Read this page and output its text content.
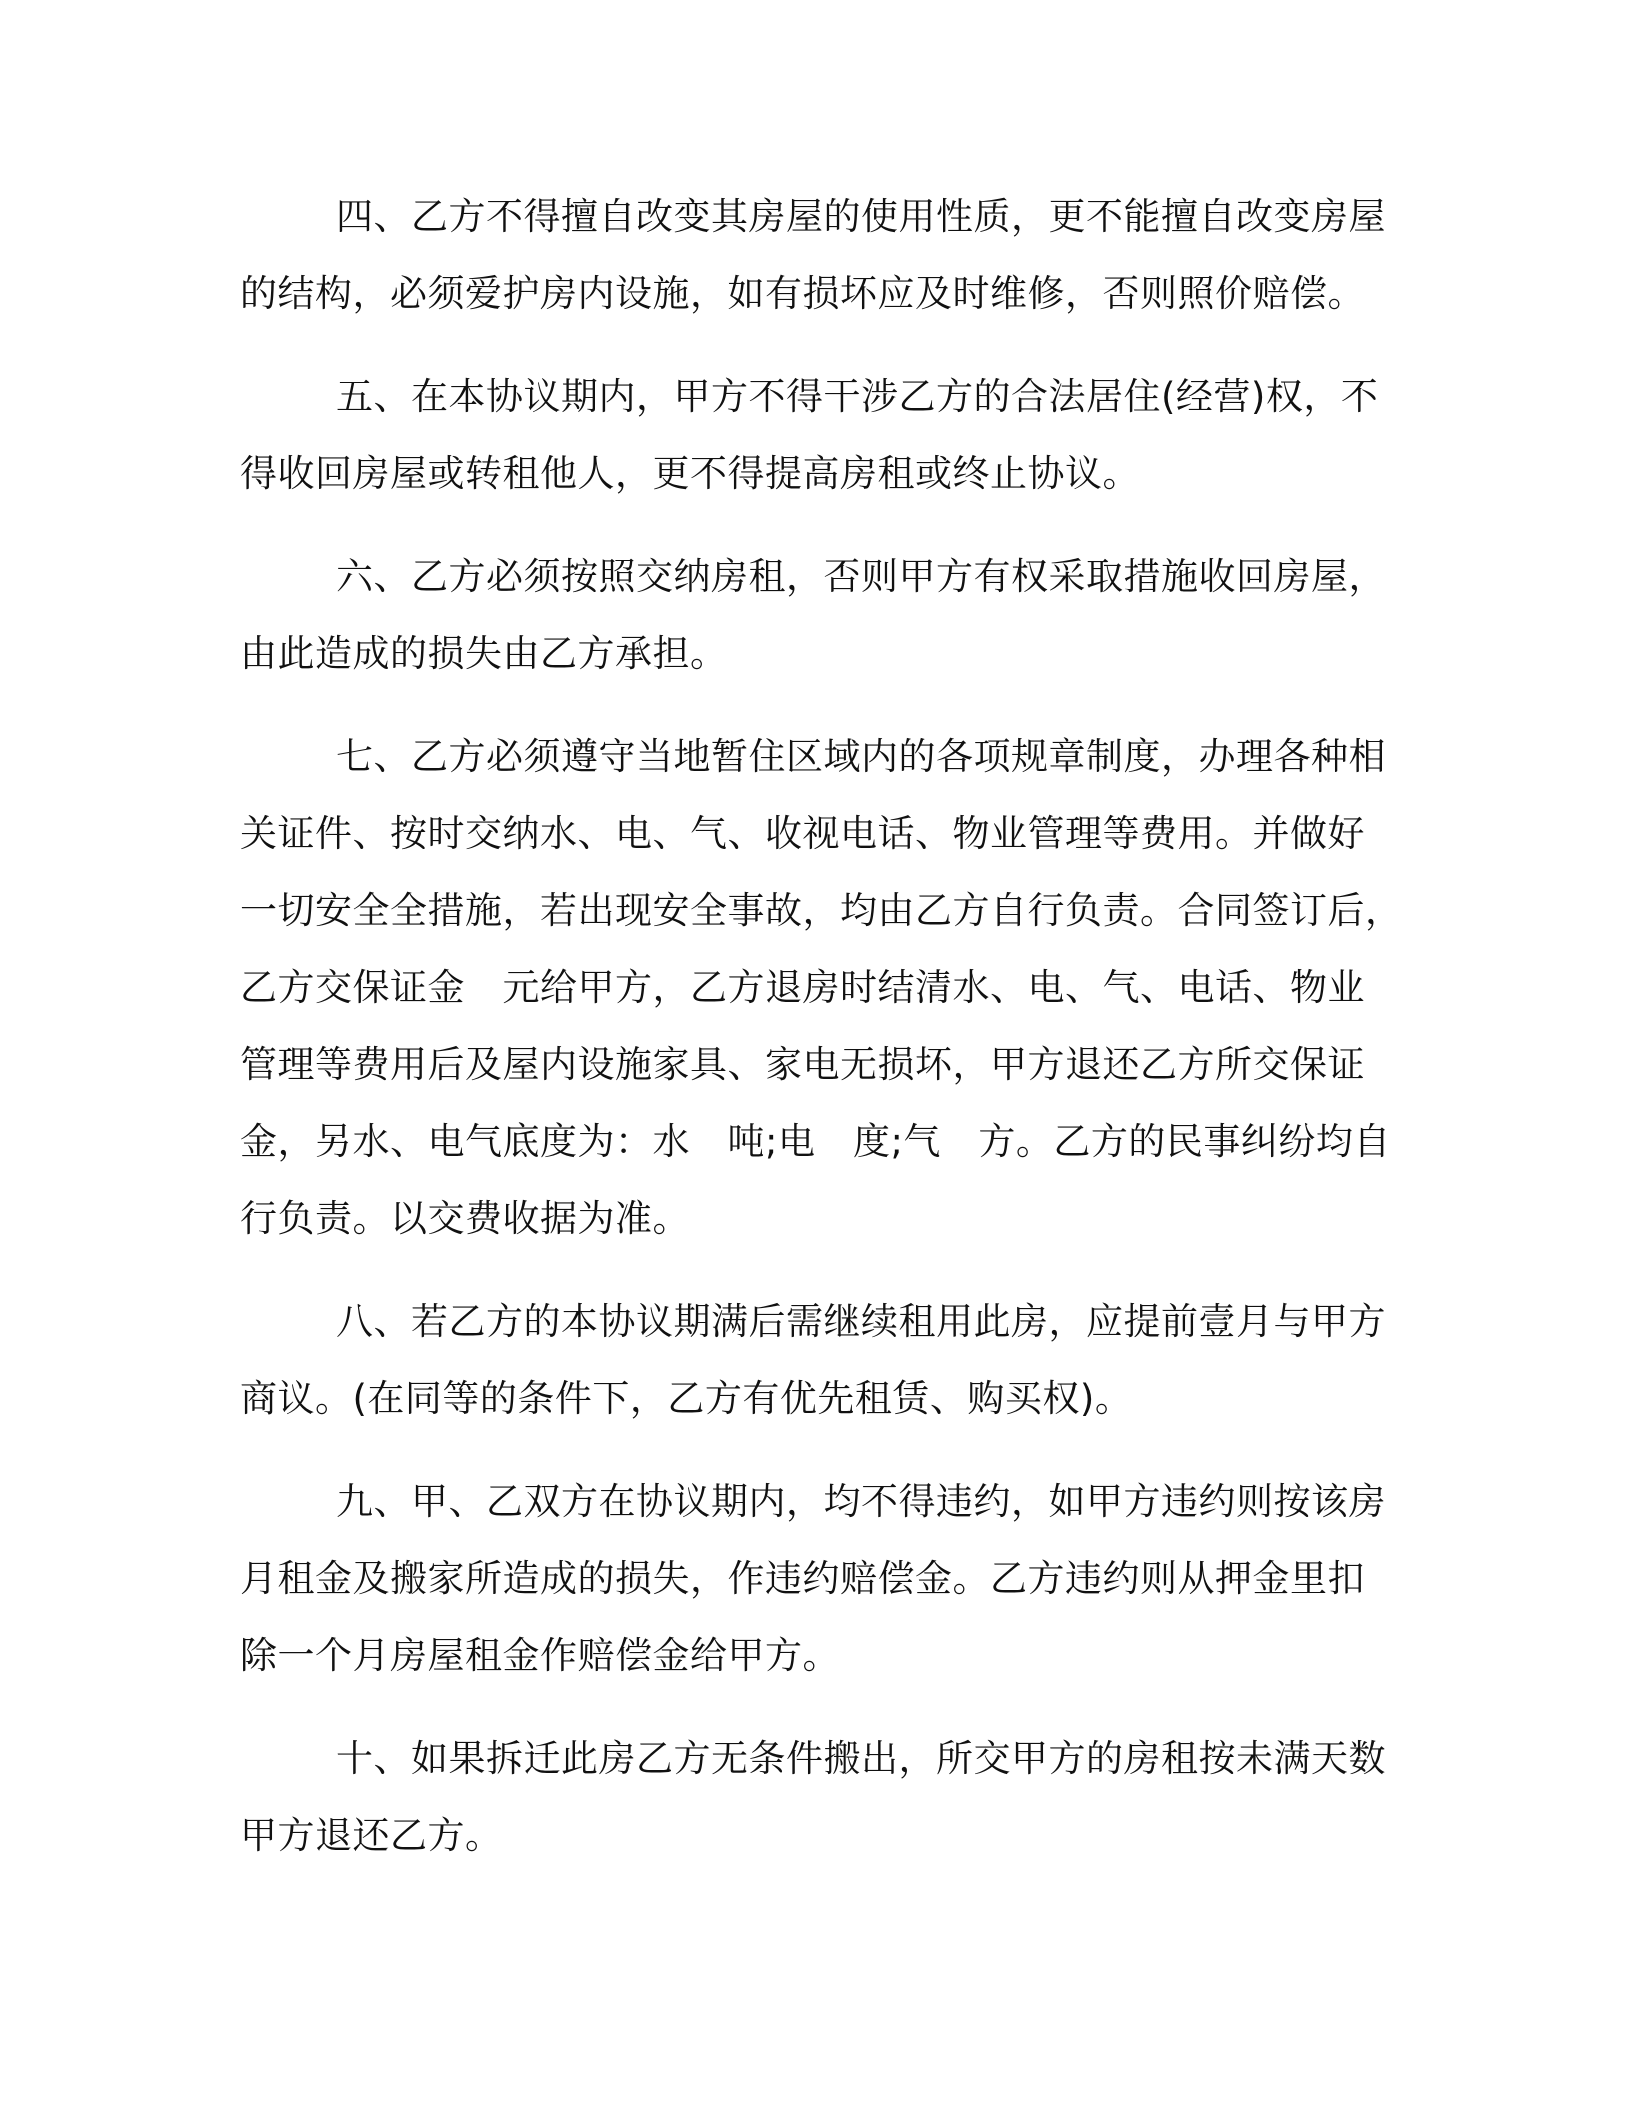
四、乙方不得擅自改变其房屋的使用性质，更不能擅自改变房屋
的结构，必须爱护房内设施，如有损坏应及时维修，否则照价赔偿。
五、在本协议期内，甲方不得干涉乙方的合法居住(经营)权，不
得收回房屋或转租他人，更不得提高房租或终止协议。
六、乙方必须按照交纳房租，否则甲方有权采取措施收回房屋，
由此造成的损失由乙方承担。
七、乙方必须遵守当地暂住区域内的各项规章制度，办理各种相
关证件、按时交纳水、电、气、收视电话、物业管理等费用。并做好
一切安全全措施，若出现安全事故，均由乙方自行负责。合同签订后，
乙方交保证金　元给甲方，乙方退房时结清水、电、气、电话、物业
管理等费用后及屋内设施家具、家电无损坏，甲方退还乙方所交保证
金，另水、电气底度为：水　吨;电　度;气　方。乙方的民事纠纷均自
行负责。以交费收据为准。
八、若乙方的本协议期满后需继续租用此房，应提前壹月与甲方
商议。(在同等的条件下，乙方有优先租赁、购买权)。
九、甲、乙双方在协议期内，均不得违约，如甲方违约则按该房
月租金及搬家所造成的损失，作违约赔偿金。乙方违约则从押金里扣
除一个月房屋租金作赔偿金给甲方。
十、如果拆迁此房乙方无条件搬出，所交甲方的房租按未满天数
甲方退还乙方。
